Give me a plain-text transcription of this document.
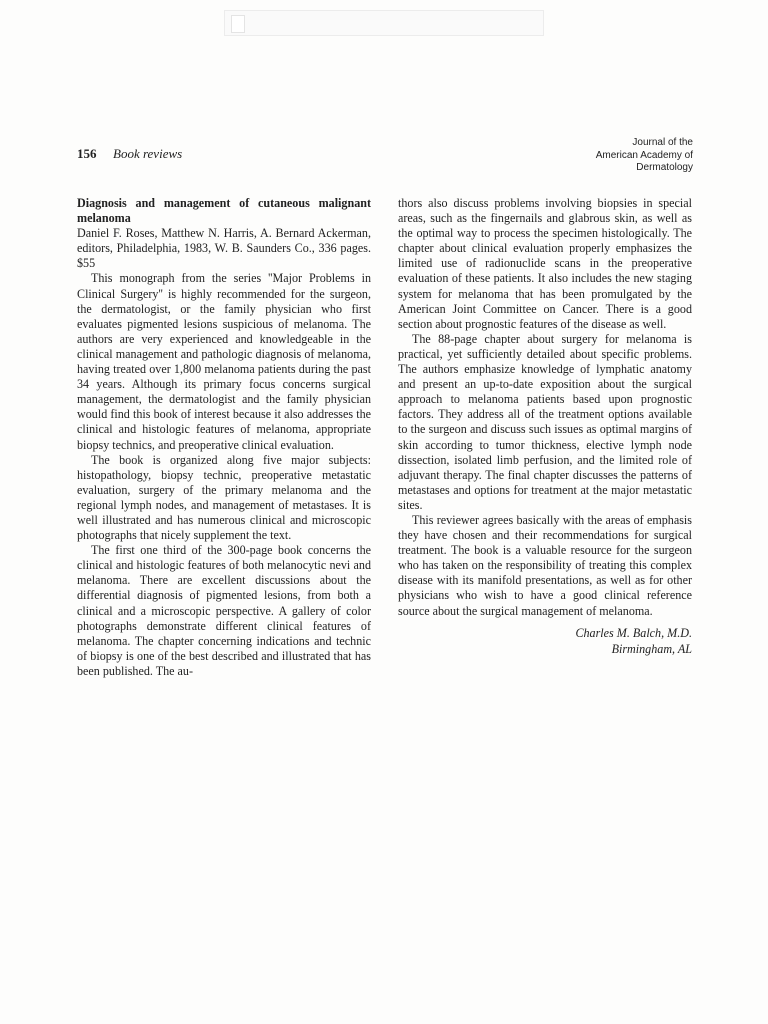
156 Book reviews
Journal of the
American Academy of
Dermatology

Diagnosis and management of cutaneous malignant melanoma

Daniel F. Roses, Matthew N. Harris, A. Bernard Ackerman, editors, Philadelphia, 1983, W. B. Saunders Co., 336 pages. $55

This monograph from the series ''Major Problems in Clinical Surgery'' is highly recommended for the surgeon, the dermatologist, or the family physician who first evaluates pigmented lesions suspicious of melanoma. The authors are very experienced and knowledgeable in the clinical management and pathologic diagnosis of melanoma, having treated over 1,800 melanoma patients during the past 34 years. Although its primary focus concerns surgical management, the dermatologist and the family physician would find this book of interest because it also addresses the clinical and histologic features of melanoma, appropriate biopsy technics, and preoperative clinical evaluation.

The book is organized along five major subjects: histopathology, biopsy technic, preoperative metastatic evaluation, surgery of the primary melanoma and the regional lymph nodes, and management of metastases. It is well illustrated and has numerous clinical and microscopic photographs that nicely supplement the text.

The first one third of the 300-page book concerns the clinical and histologic features of both melanocytic nevi and melanoma. There are excellent discussions about the differential diagnosis of pigmented lesions, from both a clinical and a microscopic perspective. A gallery of color photographs demonstrate different clinical features of melanoma. The chapter concerning indications and technic of biopsy is one of the best described and illustrated that has been published. The au-

thors also discuss problems involving biopsies in special areas, such as the fingernails and glabrous skin, as well as the optimal way to process the specimen histologically. The chapter about clinical evaluation properly emphasizes the limited use of radionuclide scans in the preoperative evaluation of these patients. It also includes the new staging system for melanoma that has been promulgated by the American Joint Committee on Cancer. There is a good section about prognostic features of the disease as well.

The 88-page chapter about surgery for melanoma is practical, yet sufficiently detailed about specific problems. The authors emphasize knowledge of lymphatic anatomy and present an up-to-date exposition about the surgical approach to melanoma patients based upon prognostic factors. They address all of the treatment options available to the surgeon and discuss such issues as optimal margins of skin according to tumor thickness, elective lymph node dissection, isolated limb perfusion, and the limited role of adjuvant therapy. The final chapter discusses the patterns of metastases and options for treatment at the major metastatic sites.

This reviewer agrees basically with the areas of emphasis they have chosen and their recommendations for surgical treatment. The book is a valuable resource for the surgeon who has taken on the responsibility of treating this complex disease with its manifold presentations, as well as for other physicians who wish to have a good clinical reference source about the surgical management of melanoma.

Charles M. Balch, M.D.
Birmingham, AL
